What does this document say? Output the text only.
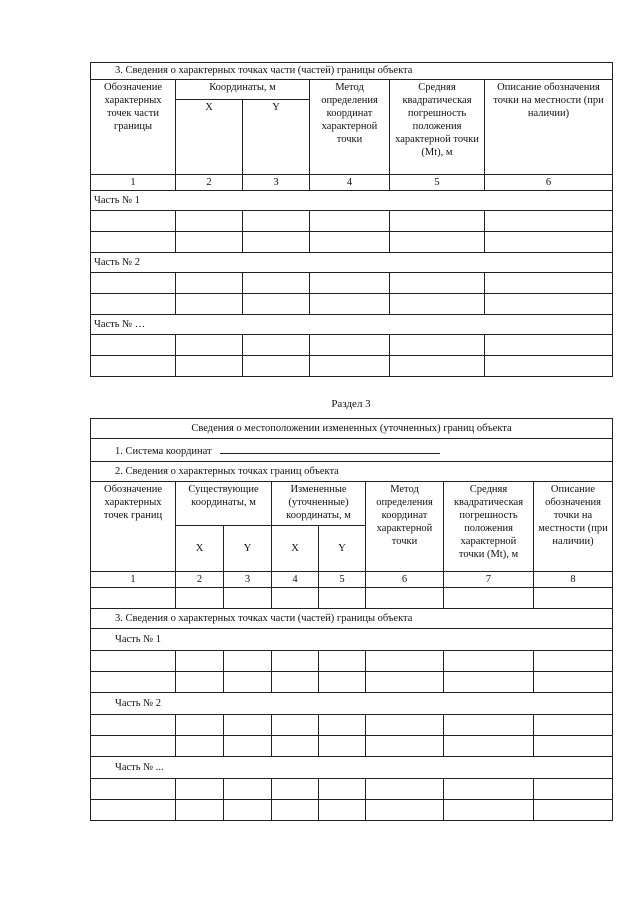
3. Сведения о характерных точках части (частей) границы объекта					
Обозначение характерных точек части границы	Координаты, м		Метод определения координат характерной точки	Средняя квадратическая погрешность положения характерной точки (Mt), м	Описание обозначения точки на местности (при наличии)
	X	Y			
1	2	3	4	5	6
Часть № 1					

Часть № 2					

Часть № …					

Раздел 3
Сведения о местоположении измененных (уточненных) границ объекта							
1. Система координат							
2. Сведения о характерных точках границ объекта							
Обозначение характерных точек границ	Существующие координаты, м		Измененные (уточненные) координаты, м		Метод определения координат характерной точки	Средняя квадратическая погрешность положения характерной точки (Mt), м	Описание обозначения точки на местности (при наличии)
	X	Y	X	Y			
1	2	3	4	5	6	7	8

3. Сведения о характерных точках части (частей) границы объекта							
Часть № 1							

Часть № 2							

Часть № ...							
